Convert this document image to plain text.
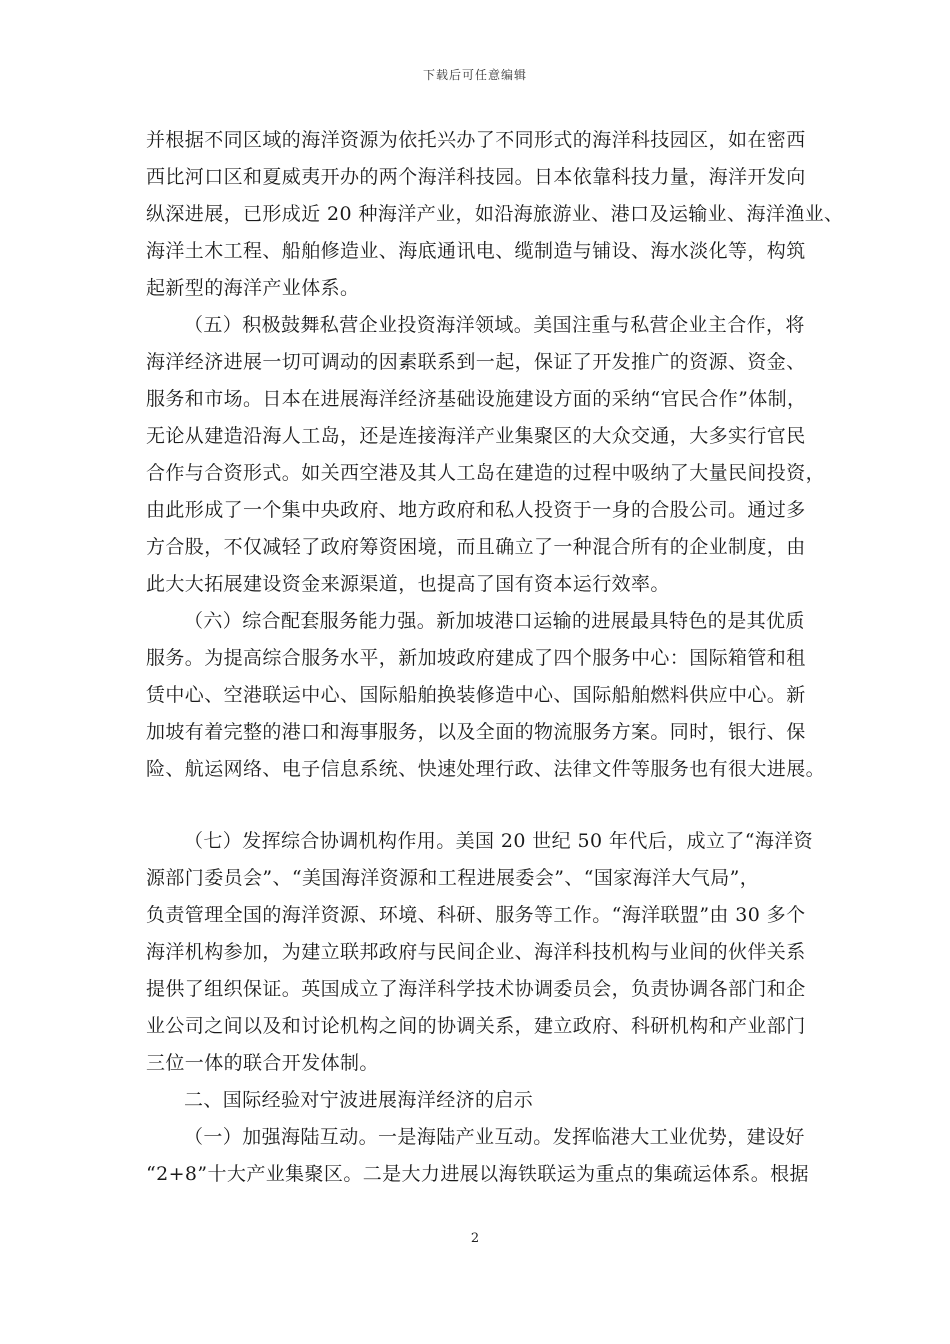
下载后可任意编辑
并根据不同区域的海洋资源为依托兴办了不同形式的海洋科技园区，如在密西
西比河口区和夏威夷开办的两个海洋科技园。日本依靠科技力量，海洋开发向
纵深进展，已形成近 20 种海洋产业，如沿海旅游业、港口及运输业、海洋渔业、
海洋土木工程、船舶修造业、海底通讯电、缆制造与铺设、海水淡化等，构筑
起新型的海洋产业体系。
（五）积极鼓舞私营企业投资海洋领域。美国注重与私营企业主合作，将
海洋经济进展一切可调动的因素联系到一起，保证了开发推广的资源、资金、
服务和市场。日本在进展海洋经济基础设施建设方面的采纳“官民合作”体制，
无论从建造沿海人工岛，还是连接海洋产业集聚区的大众交通，大多实行官民
合作与合资形式。如关西空港及其人工岛在建造的过程中吸纳了大量民间投资，
由此形成了一个集中央政府、地方政府和私人投资于一身的合股公司。通过多
方合股，不仅减轻了政府筹资困境，而且确立了一种混合所有的企业制度，由
此大大拓展建设资金来源渠道，也提高了国有资本运行效率。
（六）综合配套服务能力强。新加坡港口运输的进展最具特色的是其优质
服务。为提高综合服务水平，新加坡政府建成了四个服务中心：国际箱管和租
赁中心、空港联运中心、国际船舶换装修造中心、国际船舶燃料供应中心。新
加坡有着完整的港口和海事服务，以及全面的物流服务方案。同时，银行、保
险、航运网络、电子信息系统、快速处理行政、法律文件等服务也有很大进展。
（七）发挥综合协调机构作用。美国 20 世纪 50 年代后，成立了“海洋资
源部门委员会”、“美国海洋资源和工程进展委会”、“国家海洋大气局”，
负责管理全国的海洋资源、环境、科研、服务等工作。“海洋联盟”由 30 多个
海洋机构参加，为建立联邦政府与民间企业、海洋科技机构与业间的伙伴关系
提供了组织保证。英国成立了海洋科学技术协调委员会，负责协调各部门和企
业公司之间以及和讨论机构之间的协调关系，建立政府、科研机构和产业部门
三位一体的联合开发体制。
二、国际经验对宁波进展海洋经济的启示
（一）加强海陆互动。一是海陆产业互动。发挥临港大工业优势，建设好
“2+8”十大产业集聚区。二是大力进展以海铁联运为重点的集疏运体系。根据
2
